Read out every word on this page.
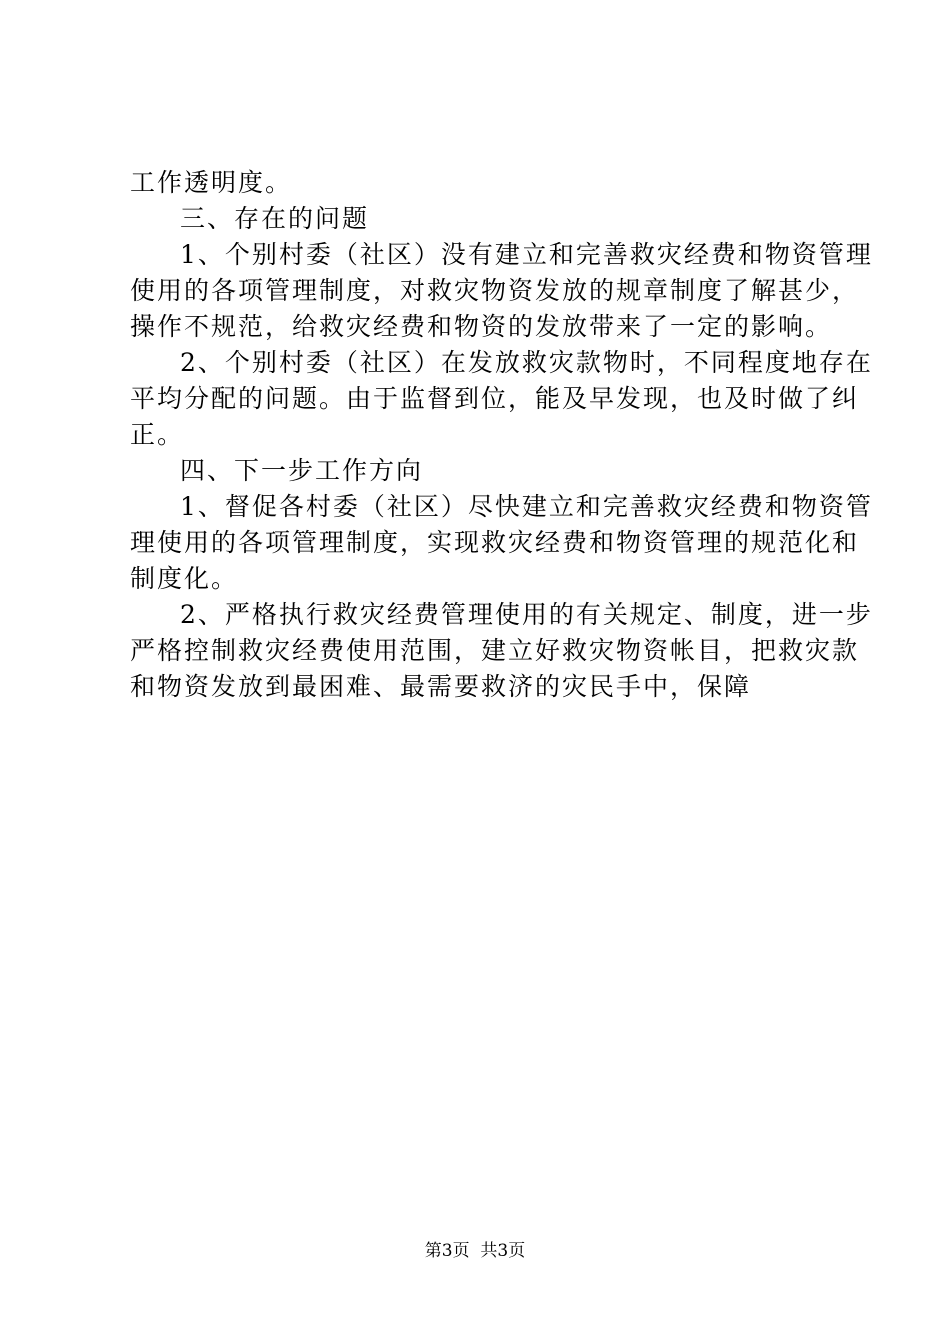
工作透明度。
三、存在的问题
1、个别村委（社区）没有建立和完善救灾经费和物资管理
使用的各项管理制度，对救灾物资发放的规章制度了解甚少，
操作不规范，给救灾经费和物资的发放带来了一定的影响。
2、个别村委（社区）在发放救灾款物时，不同程度地存在
平均分配的问题。由于监督到位，能及早发现，也及时做了纠
正。
四、下一步工作方向
1、督促各村委（社区）尽快建立和完善救灾经费和物资管
理使用的各项管理制度，实现救灾经费和物资管理的规范化和
制度化。
2、严格执行救灾经费管理使用的有关规定、制度，进一步
严格控制救灾经费使用范围，建立好救灾物资帐目，把救灾款
和物资发放到最困难、最需要救济的灾民手中，保障
第3页  共3页
